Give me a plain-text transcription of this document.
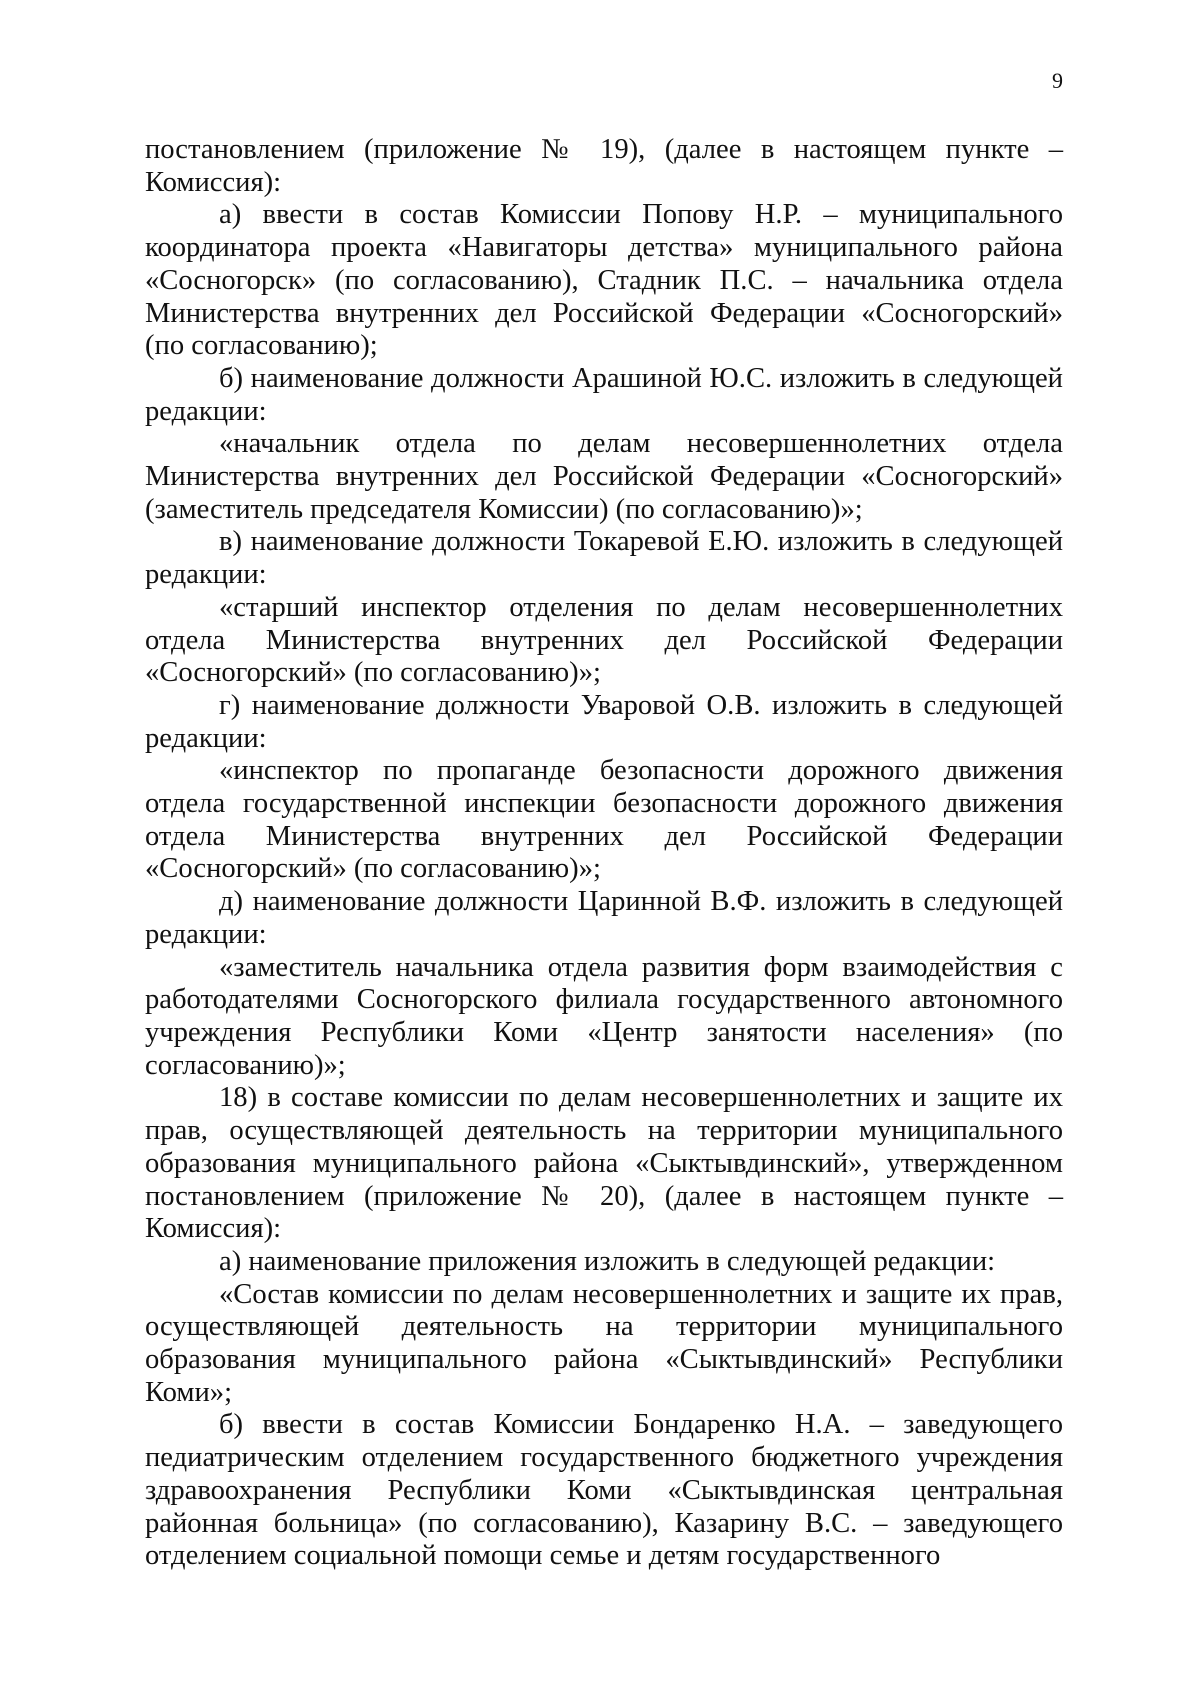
9

постановлением (приложение № 19), (далее в настоящем пункте – Комиссия):

а) ввести в состав Комиссии Попову Н.Р. – муниципального координатора проекта «Навигаторы детства» муниципального района «Сосногорск» (по согласованию), Стадник П.С. – начальника отдела Министерства внутренних дел Российской Федерации «Сосногорский» (по согласованию);

б) наименование должности Арашиной Ю.С. изложить в следующей редакции:

«начальник отдела по делам несовершеннолетних отдела Министерства внутренних дел Российской Федерации «Сосногорский» (заместитель председателя Комиссии) (по согласованию)»;

в) наименование должности Токаревой Е.Ю. изложить в следующей редакции:

«старший инспектор отделения по делам несовершеннолетних отдела Министерства внутренних дел Российской Федерации «Сосногорский» (по согласованию)»;

г) наименование должности Уваровой О.В. изложить в следующей редакции:

«инспектор по пропаганде безопасности дорожного движения отдела государственной инспекции безопасности дорожного движения отдела Министерства внутренних дел Российской Федерации «Сосногорский» (по согласованию)»;

д) наименование должности Царинной В.Ф. изложить в следующей редакции:

«заместитель начальника отдела развития форм взаимодействия с работодателями Сосногорского филиала государственного автономного учреждения Республики Коми «Центр занятости населения» (по согласованию)»;

18) в составе комиссии по делам несовершеннолетних и защите их прав, осуществляющей деятельность на территории муниципального образования муниципального района «Сыктывдинский», утвержденном постановлением (приложение № 20), (далее в настоящем пункте – Комиссия):

а) наименование приложения изложить в следующей редакции:

«Состав комиссии по делам несовершеннолетних и защите их прав, осуществляющей деятельность на территории муниципального образования муниципального района «Сыктывдинский» Республики Коми»;

б) ввести в состав Комиссии Бондаренко Н.А. – заведующего педиатрическим отделением государственного бюджетного учреждения здравоохранения Республики Коми «Сыктывдинская центральная районная больница» (по согласованию), Казарину В.С. – заведующего отделением социальной помощи семье и детям государственного
